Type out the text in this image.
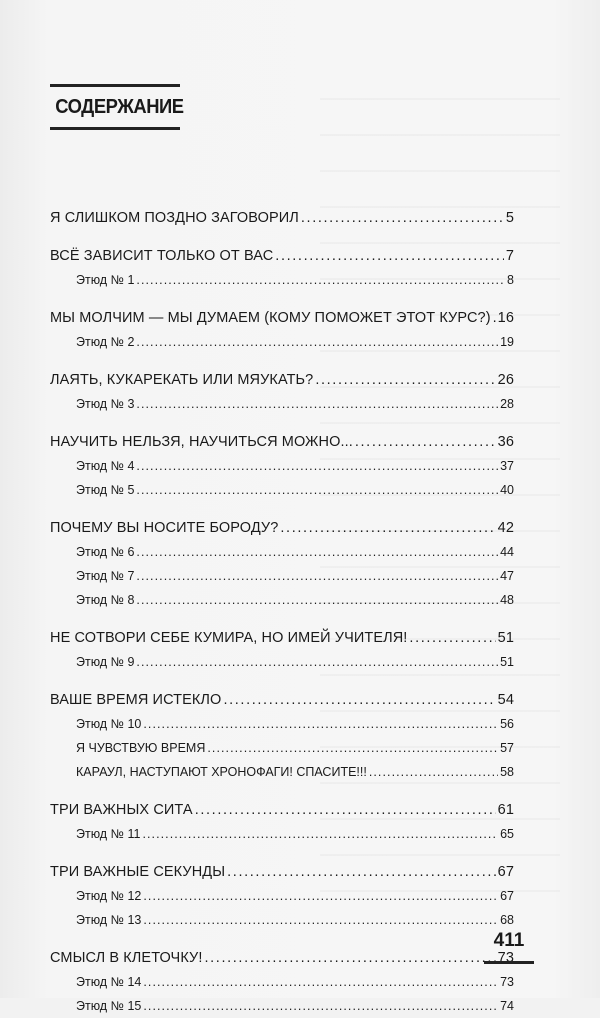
СОДЕРЖАНИЕ
Я СЛИШКОМ ПОЗДНО ЗАГОВОРИЛ . . .	5
ВСЁ ЗАВИСИТ ТОЛЬКО ОТ ВАС . . .	7
Этюд № 1 . . .	8
МЫ МОЛЧИМ — МЫ ДУМАЕМ (КОМУ ПОМОЖЕТ ЭТОТ КУРС?) . . . 16
Этюд № 2 . . .	19
ЛАЯТЬ, КУКАРЕКАТЬ ИЛИ МЯУКАТЬ? . . .	26
Этюд № 3 . . .	28
НАУЧИТЬ НЕЛЬЗЯ, НАУЧИТЬСЯ МОЖНО... . . .	36
Этюд № 4 . . .	37
Этюд № 5 . . .	40
ПОЧЕМУ ВЫ НОСИТЕ БОРОДУ? . . .	42
Этюд № 6 . . .	44
Этюд № 7 . . .	47
Этюд № 8 . . .	48
НЕ СОТВОРИ СЕБЕ КУМИРА, НО ИМЕЙ УЧИТЕЛЯ! . . .	51
Этюд № 9 . . .	51
ВАШЕ ВРЕМЯ ИСТЕКЛО . . .	54
Этюд № 10 . . .	56
Я ЧУВСТВУЮ ВРЕМЯ . . .	57
КАРАУЛ, НАСТУПАЮТ ХРОНОФАГИ! СПАСИТЕ!!! . . .	58
ТРИ ВАЖНЫХ СИТА . . .	61
Этюд № 11 . . .	65
ТРИ ВАЖНЫЕ СЕКУНДЫ . . .	67
Этюд № 12 . . .	67
Этюд № 13 . . .	68
СМЫСЛ В КЛЕТОЧКУ! . . .	73
Этюд № 14 . . .	73
Этюд № 15 . . .	74
411
